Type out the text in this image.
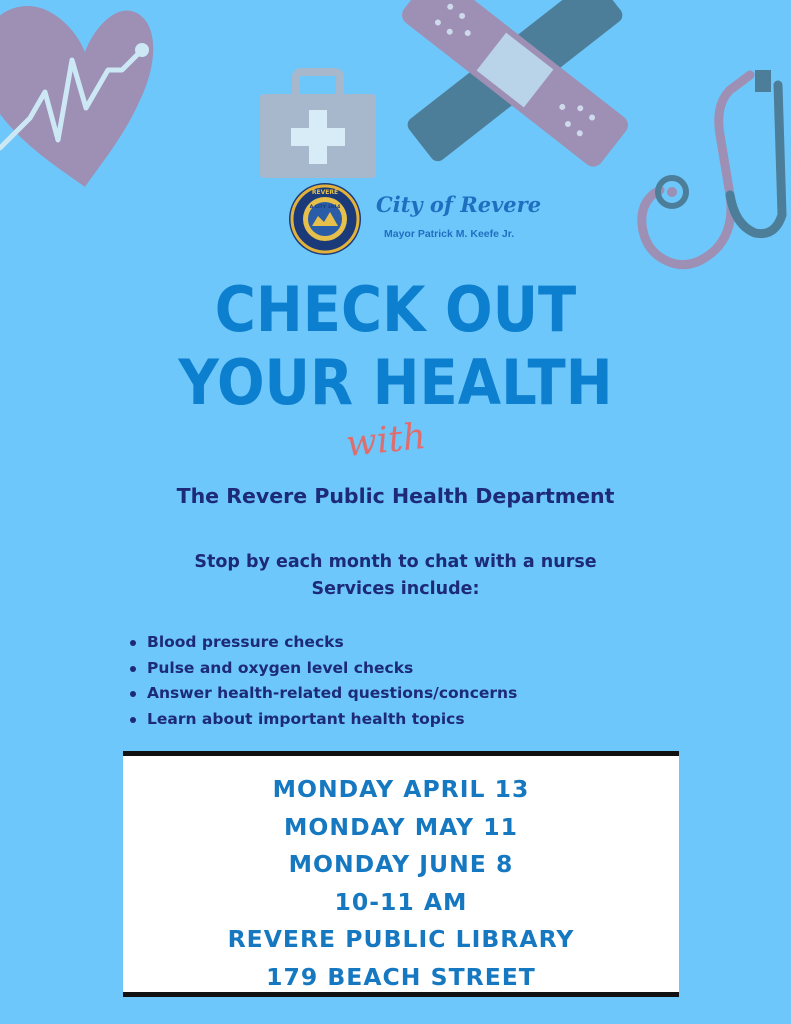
REVERE
A CITY 1914 City of Revere
Mayor Patrick M. Keefe Jr.
CHECK OUT
YOUR HEALTH
with
The Revere Public Health Department
Stop by each month to chat with a nurse
Services include:
Blood pressure checks
Pulse and oxygen level checks
Answer health-related questions/concerns
Learn about important health topics
MONDAY APRIL 13
MONDAY MAY 11
MONDAY JUNE 8
10-11 AM
REVERE PUBLIC LIBRARY
179 BEACH STREET
